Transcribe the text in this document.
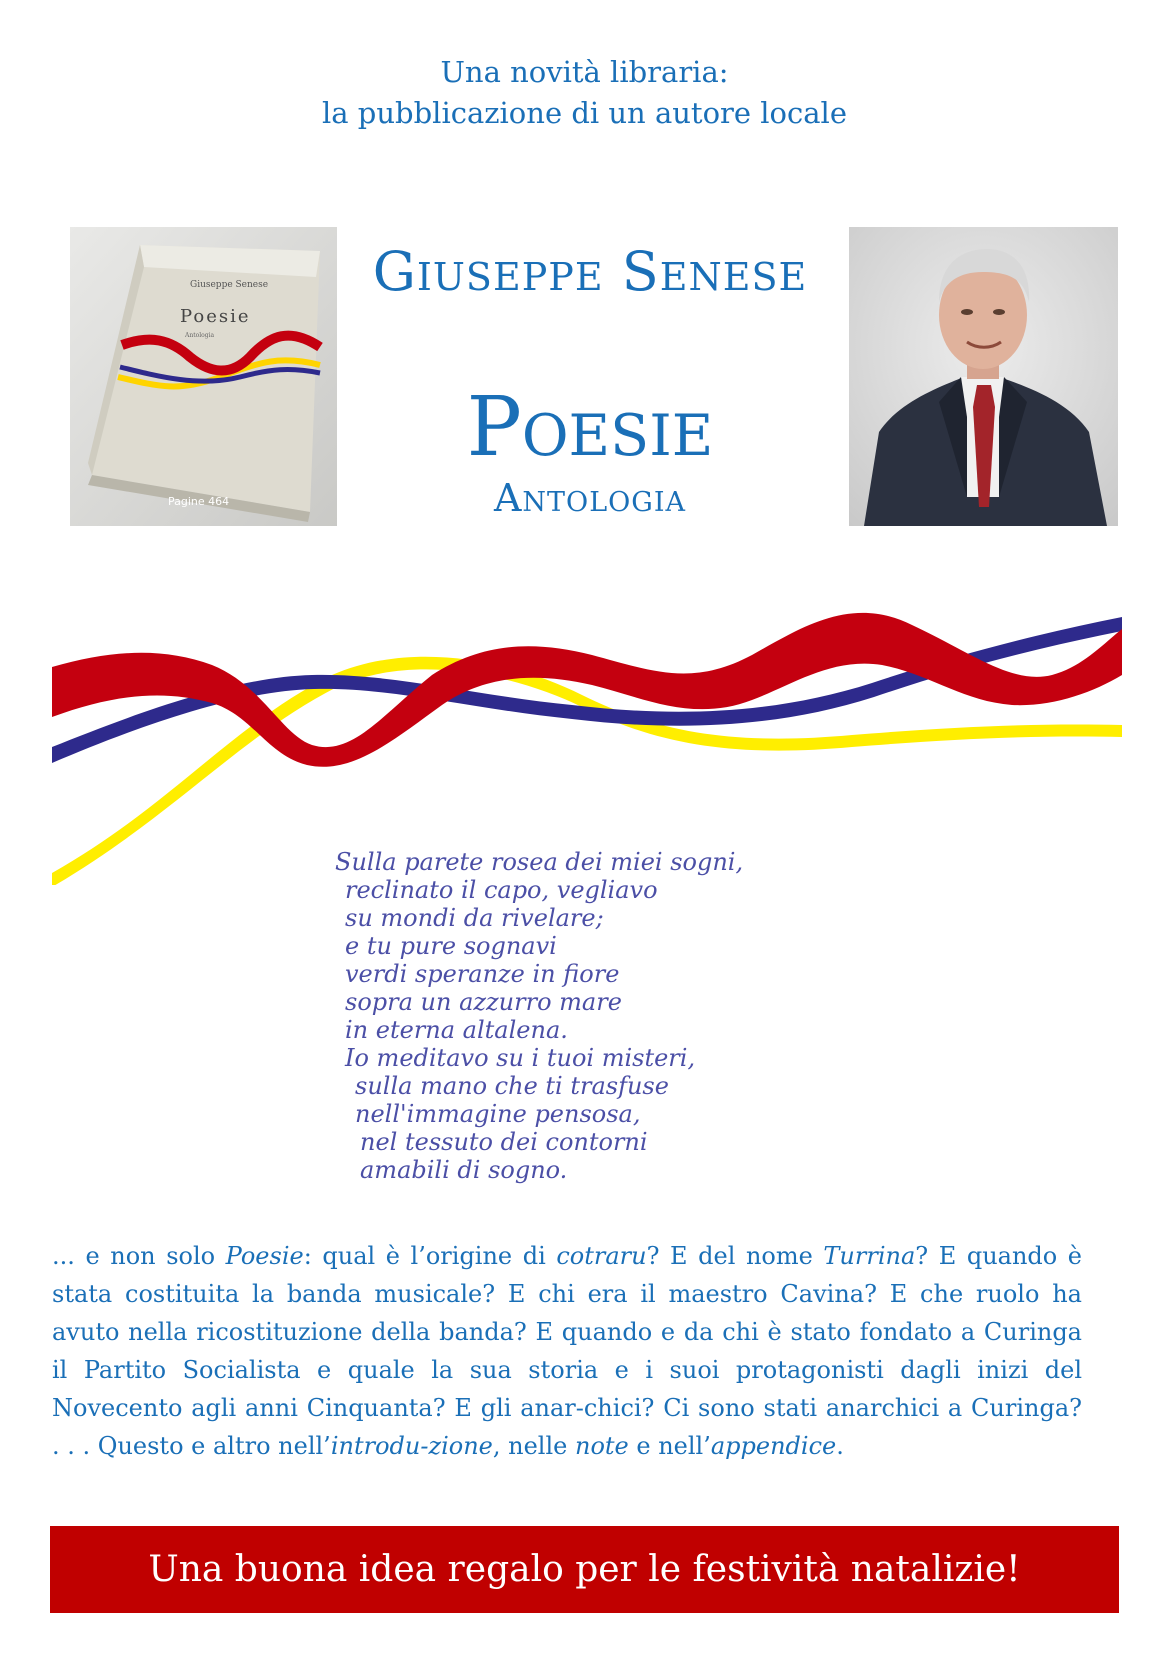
Una novità libraria:
la pubblicazione di un autore locale
Giuseppe Senese
Poesie
Antologia
Pagine 464
Giuseppe Senese
Poesie
Antologia
Sulla parete rosea dei miei sogni,
reclinato il capo, vegliavo
su mondi da rivelare;
e tu pure sognavi
verdi speranze in fiore
sopra un azzurro mare
in eterna altalena.
Io meditavo su i tuoi misteri,
sulla mano che ti trasfuse
nell'immagine pensosa,
nel tessuto dei contorni
amabili di sogno.
... e non solo Poesie: qual è l’origine di cotraru? E del nome Turrina? E quando è stata costituita la banda musicale? E chi era il maestro Cavina? E che ruolo ha avuto nella ricostituzione della banda? E quando e da chi è stato fondato a Curinga il Partito Socialista e quale la sua storia e i suoi protagonisti dagli inizi del Novecento agli anni Cinquanta? E gli anar-chici? Ci sono stati anarchici a Curinga? . . . Questo e altro nell’introdu-zione, nelle note e nell’appendice.
Una buona idea regalo per le festività natalizie!
